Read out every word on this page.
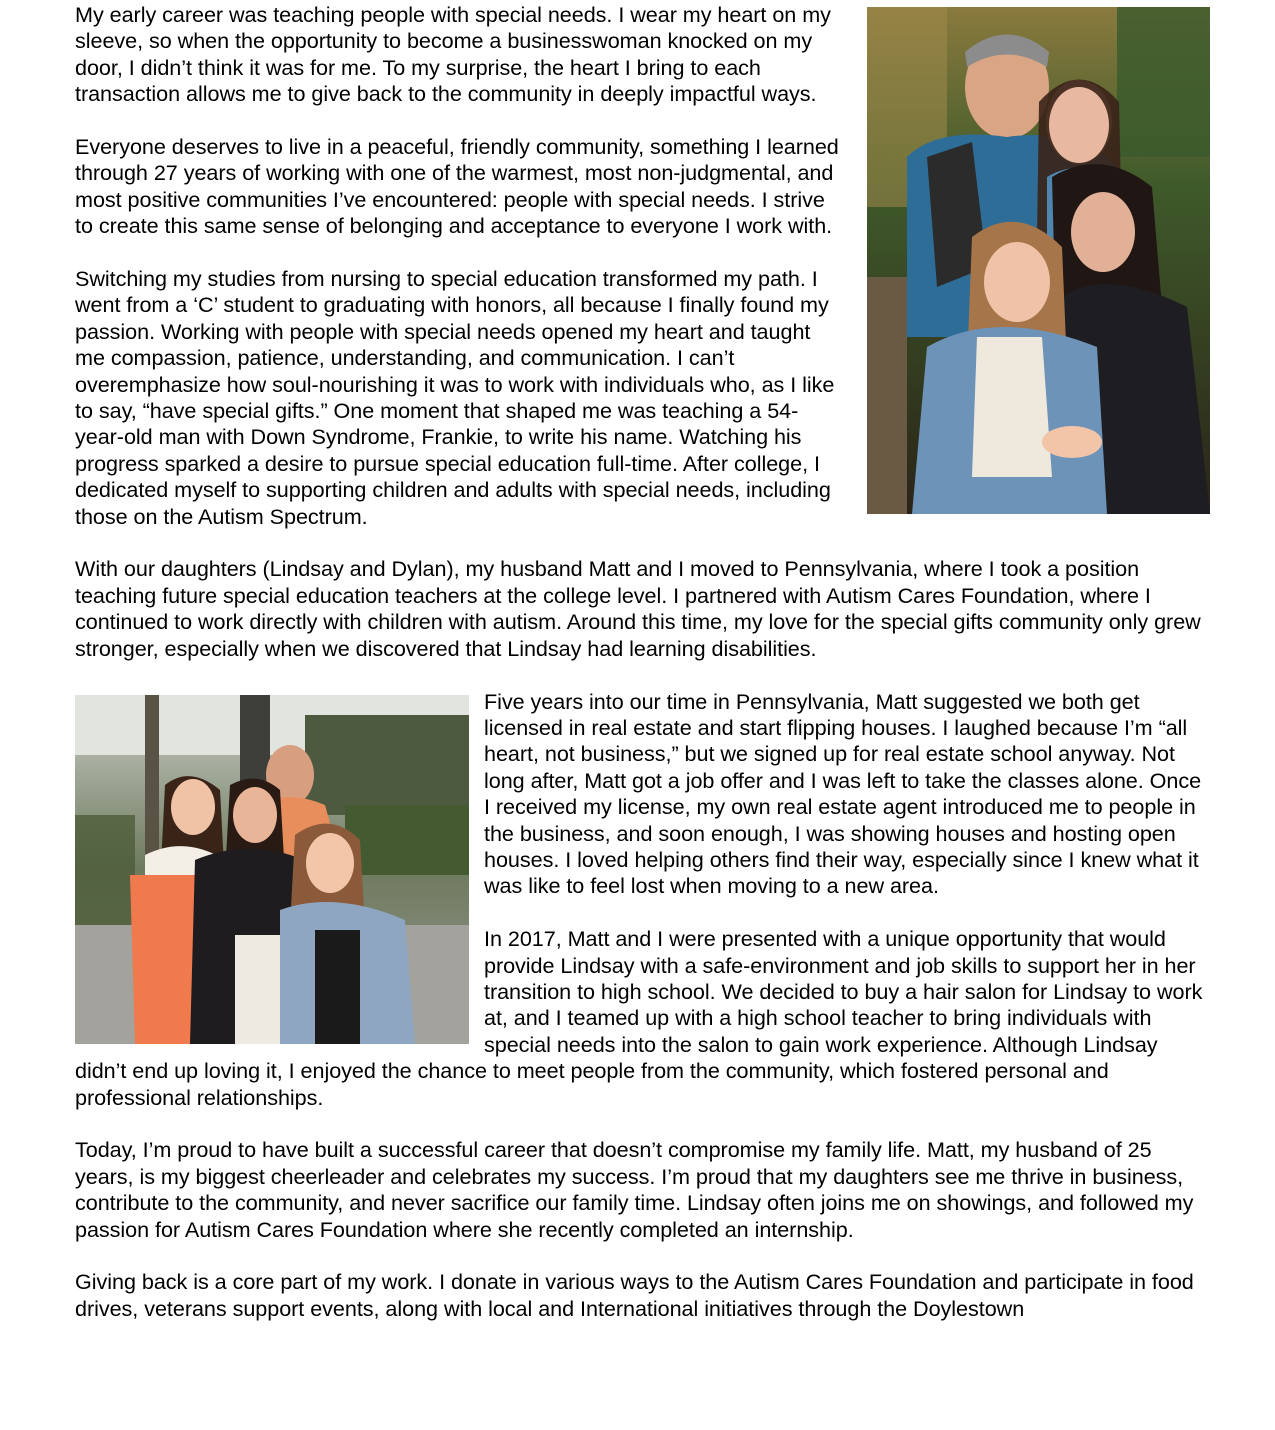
My early career was teaching people with special needs. I wear my heart on my sleeve, so when the opportunity to become a businesswoman knocked on my door, I didn’t think it was for me. To my surprise, the heart I bring to each transaction allows me to give back to the community in deeply impactful ways.

Everyone deserves to live in a peaceful, friendly community, something I learned through 27 years of working with one of the warmest, most non-judgmental, and most positive communities I’ve encountered: people with special needs. I strive to create this same sense of belonging and acceptance to everyone I work with.

Switching my studies from nursing to special education transformed my path. I went from a ‘C’ student to graduating with honors, all because I finally found my passion. Working with people with special needs opened my heart and taught me compassion, patience, understanding, and communication. I can’t overemphasize how soul-nourishing it was to work with individuals who, as I like to say, “have special gifts.” One moment that shaped me was teaching a 54-year-old man with Down Syndrome, Frankie, to write his name. Watching his progress sparked a desire to pursue special education full-time. After college, I dedicated myself to supporting children and adults with special needs, including those on the Autism Spectrum.

With our daughters (Lindsay and Dylan), my husband Matt and I moved to Pennsylvania, where I took a position teaching future special education teachers at the college level. I partnered with Autism Cares Foundation, where I continued to work directly with children with autism. Around this time, my love for the special gifts community only grew stronger, especially when we discovered that Lindsay had learning disabilities.

Five years into our time in Pennsylvania, Matt suggested we both get licensed in real estate and start flipping houses. I laughed because I’m “all heart, not business,” but we signed up for real estate school anyway. Not long after, Matt got a job offer and I was left to take the classes alone. Once I received my license, my own real estate agent introduced me to people in the business, and soon enough, I was showing houses and hosting open houses. I loved helping others find their way, especially since I knew what it was like to feel lost when moving to a new area.

In 2017, Matt and I were presented with a unique opportunity that would provide Lindsay with a safe-environment and job skills to support her in her transition to high school. We decided to buy a hair salon for Lindsay to work at, and I teamed up with a high school teacher to bring individuals with special needs into the salon to gain work experience. Although Lindsay didn’t end up loving it, I enjoyed the chance to meet people from the community, which fostered personal and professional relationships.

Today, I’m proud to have built a successful career that doesn’t compromise my family life. Matt, my husband of 25 years, is my biggest cheerleader and celebrates my success. I’m proud that my daughters see me thrive in business, contribute to the community, and never sacrifice our family time. Lindsay often joins me on showings, and followed my passion for Autism Cares Foundation where she recently completed an internship.

Giving back is a core part of my work. I donate in various ways to the Autism Cares Foundation and participate in food drives, veterans support events, along with local and International initiatives through the Doylestown
